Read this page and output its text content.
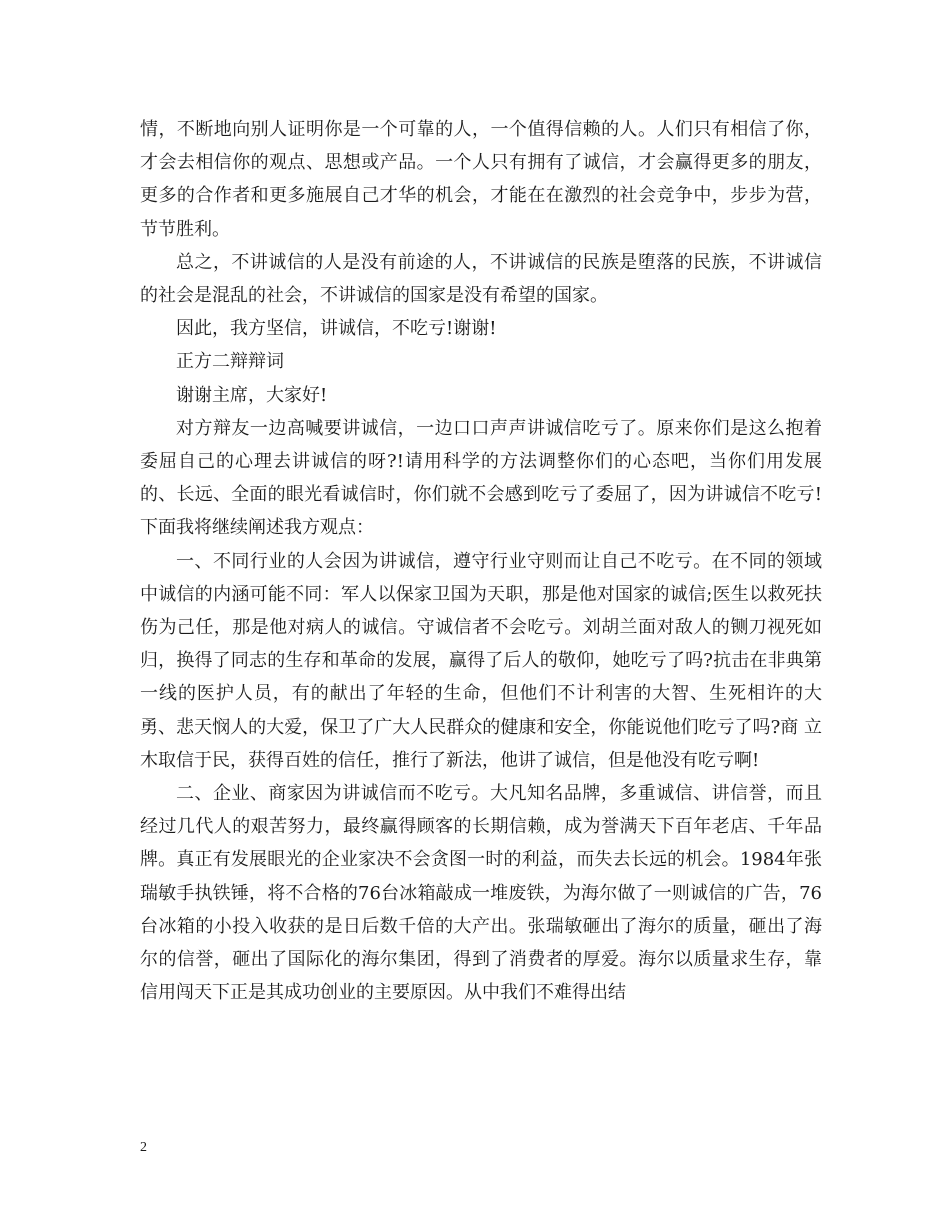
情，不断地向别人证明你是一个可靠的人，一个值得信赖的人。人们只有相信了你，才会去相信你的观点、思想或产品。一个人只有拥有了诚信，才会赢得更多的朋友，更多的合作者和更多施展自己才华的机会，才能在在激烈的社会竞争中，步步为营，节节胜利。

总之，不讲诚信的人是没有前途的人，不讲诚信的民族是堕落的民族，不讲诚信的社会是混乱的社会，不讲诚信的国家是没有希望的国家。

因此，我方坚信，讲诚信，不吃亏!谢谢!

正方二辩辩词

谢谢主席，大家好!

对方辩友一边高喊要讲诚信，一边口口声声讲诚信吃亏了。原来你们是这么抱着委屈自己的心理去讲诚信的呀?!请用科学的方法调整你们的心态吧，当你们用发展的、长远、全面的眼光看诚信时，你们就不会感到吃亏了委屈了，因为讲诚信不吃亏!下面我将继续阐述我方观点：

一、不同行业的人会因为讲诚信，遵守行业守则而让自己不吃亏。在不同的领域中诚信的内涵可能不同：军人以保家卫国为天职，那是他对国家的诚信;医生以救死扶伤为己任，那是他对病人的诚信。守诚信者不会吃亏。刘胡兰面对敌人的铡刀视死如归，换得了同志的生存和革命的发展，赢得了后人的敬仰，她吃亏了吗?抗击在非典第一线的医护人员，有的献出了年轻的生命，但他们不计利害的大智、生死相许的大勇、悲天悯人的大爱，保卫了广大人民群众的健康和安全，你能说他们吃亏了吗?商 立木取信于民，获得百姓的信任，推行了新法，他讲了诚信，但是他没有吃亏啊!

二、企业、商家因为讲诚信而不吃亏。大凡知名品牌，多重诚信、讲信誉，而且经过几代人的艰苦努力，最终赢得顾客的长期信赖，成为誉满天下百年老店、千年品牌。真正有发展眼光的企业家决不会贪图一时的利益，而失去长远的机会。1984年张瑞敏手执铁锤，将不合格的76台冰箱敲成一堆废铁，为海尔做了一则诚信的广告，76台冰箱的小投入收获的是日后数千倍的大产出。张瑞敏砸出了海尔的质量，砸出了海尔的信誉，砸出了国际化的海尔集团，得到了消费者的厚爱。海尔以质量求生存，靠信用闯天下正是其成功创业的主要原因。从中我们不难得出结

2
